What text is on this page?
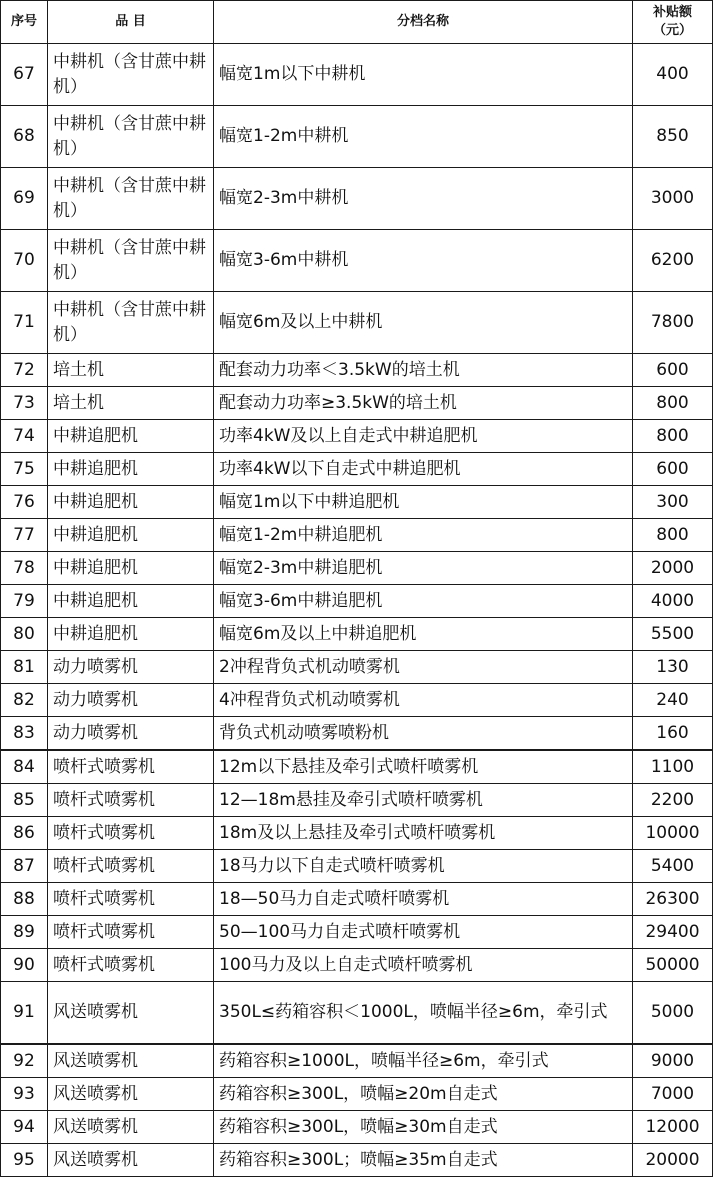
序号	品 目	分档名称	补贴额
（元）
67	中耕机（含甘蔗中耕机）	幅宽1m以下中耕机	400
68	中耕机（含甘蔗中耕机）	幅宽1-2m中耕机	850
69	中耕机（含甘蔗中耕机）	幅宽2-3m中耕机	3000
70	中耕机（含甘蔗中耕机）	幅宽3-6m中耕机	6200
71	中耕机（含甘蔗中耕机）	幅宽6m及以上中耕机	7800
72	培土机	配套动力功率＜3.5kW的培土机	600
73	培土机	配套动力功率≥3.5kW的培土机	800
74	中耕追肥机	功率4kW及以上自走式中耕追肥机	800
75	中耕追肥机	功率4kW以下自走式中耕追肥机	600
76	中耕追肥机	幅宽1m以下中耕追肥机	300
77	中耕追肥机	幅宽1-2m中耕追肥机	800
78	中耕追肥机	幅宽2-3m中耕追肥机	2000
79	中耕追肥机	幅宽3-6m中耕追肥机	4000
80	中耕追肥机	幅宽6m及以上中耕追肥机	5500
81	动力喷雾机	2冲程背负式机动喷雾机	130
82	动力喷雾机	4冲程背负式机动喷雾机	240
83	动力喷雾机	背负式机动喷雾喷粉机	160
84	喷杆式喷雾机	12m以下悬挂及牵引式喷杆喷雾机	1100
85	喷杆式喷雾机	12—18m悬挂及牵引式喷杆喷雾机	2200
86	喷杆式喷雾机	18m及以上悬挂及牵引式喷杆喷雾机	10000
87	喷杆式喷雾机	18马力以下自走式喷杆喷雾机	5400
88	喷杆式喷雾机	18—50马力自走式喷杆喷雾机	26300
89	喷杆式喷雾机	50—100马力自走式喷杆喷雾机	29400
90	喷杆式喷雾机	100马力及以上自走式喷杆喷雾机	50000
91	风送喷雾机	350L≤药箱容积＜1000L，喷幅半径≥6m，牵引式	5000
92	风送喷雾机	药箱容积≥1000L，喷幅半径≥6m，牵引式	9000
93	风送喷雾机	药箱容积≥300L，喷幅≥20m自走式	7000
94	风送喷雾机	药箱容积≥300L，喷幅≥30m自走式	12000
95	风送喷雾机	药箱容积≥300L；喷幅≥35m自走式	20000
